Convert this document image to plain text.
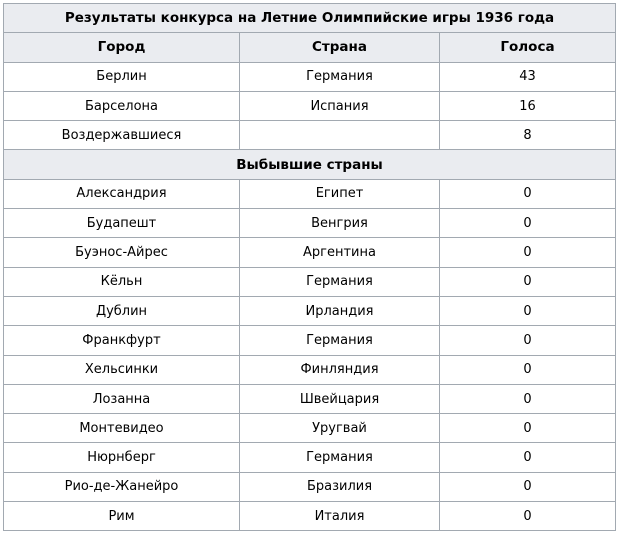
Результаты конкурса на Летние Олимпийские игры 1936 года		
Город	Страна	Голоса
Берлин	Германия	43
Барселона	Испания	16
Воздержавшиеся		8
Выбывшие страны		
Александрия	Египет	0
Будапешт	Венгрия	0
Буэнос-Айрес	Аргентина	0
Кёльн	Германия	0
Дублин	Ирландия	0
Франкфурт	Германия	0
Хельсинки	Финляндия	0
Лозанна	Швейцария	0
Монтевидео	Уругвай	0
Нюрнберг	Германия	0
Рио-де-Жанейро	Бразилия	0
Рим	Италия	0
